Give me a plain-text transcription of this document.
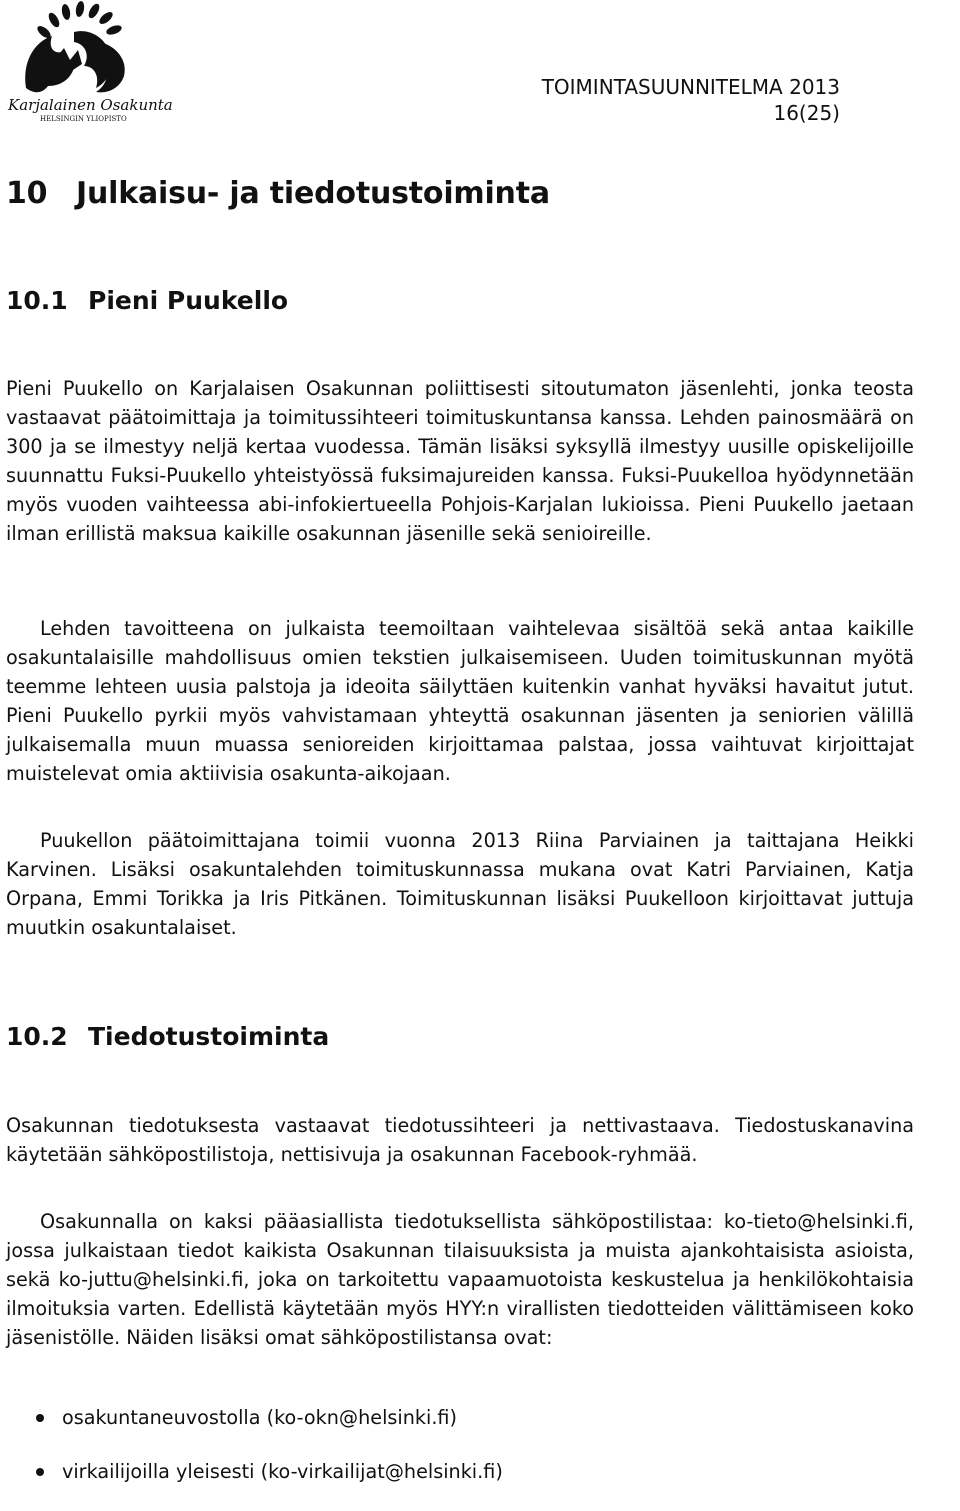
Karjalainen Osakunta
HELSINGIN YLIOPISTO
TOIMINTASUUNNITELMA 2013
16(25)
10 Julkaisu- ja tiedotustoiminta
10.1 Pieni Puukello

Pieni Puukello on Karjalaisen Osakunnan poliittisesti sitoutumaton jäsenlehti, jonka teosta vastaavat päätoimittaja ja toimitussihteeri toimituskuntansa kanssa. Lehden painosmäärä on 300 ja se ilmestyy neljä kertaa vuodessa. Tämän lisäksi syksyllä ilmestyy uusille opiskelijoille suunnattu Fuksi-Puukello yhteistyössä fuksimajureiden kanssa. Fuksi-Puukelloa hyödynnetään myös vuoden vaihteessa abi-infokiertueella Pohjois-Karjalan lukioissa. Pieni Puukello jaetaan ilman erillistä maksua kaikille osakunnan jäsenille sekä senioireille.

Lehden tavoitteena on julkaista teemoiltaan vaihtelevaa sisältöä sekä antaa kaikille osakuntalaisille mahdollisuus omien tekstien julkaisemiseen. Uuden toimituskunnan myötä teemme lehteen uusia palstoja ja ideoita säilyttäen kuitenkin vanhat hyväksi havaitut jutut. Pieni Puukello pyrkii myös vahvistamaan yhteyttä osakunnan jäsenten ja seniorien välillä julkaisemalla muun muassa senioreiden kirjoittamaa palstaa, jossa vaihtuvat kirjoittajat muistelevat omia aktiivisia osakunta-aikojaan.

Puukellon päätoimittajana toimii vuonna 2013 Riina Parviainen ja taittajana Heikki Karvinen. Lisäksi osakuntalehden toimituskunnassa mukana ovat Katri Parviainen, Katja Orpana, Emmi Torikka ja Iris Pitkänen. Toimituskunnan lisäksi Puukelloon kirjoittavat juttuja muutkin osakuntalaiset.

10.2 Tiedotustoiminta

Osakunnan tiedotuksesta vastaavat tiedotussihteeri ja nettivastaava. Tiedostuskanavina käytetään sähköpostilistoja, nettisivuja ja osakunnan Facebook-ryhmää.

Osakunnalla on kaksi pääasiallista tiedotuksellista sähköpostilistaa: ko-tieto@helsinki.fi, jossa julkaistaan tiedot kaikista Osakunnan tilaisuuksista ja muista ajankohtaisista asioista, sekä ko-juttu@helsinki.fi, joka on tarkoitettu vapaamuotoista keskustelua ja henkilökohtaisia ilmoituksia varten. Edellistä käytetään myös HYY:n virallisten tiedotteiden välittämiseen koko jäsenistölle. Näiden lisäksi omat sähköpostilistansa ovat:

osakuntaneuvostolla (ko-okn@helsinki.fi)
virkailijoilla yleisesti (ko-virkailijat@helsinki.fi)
